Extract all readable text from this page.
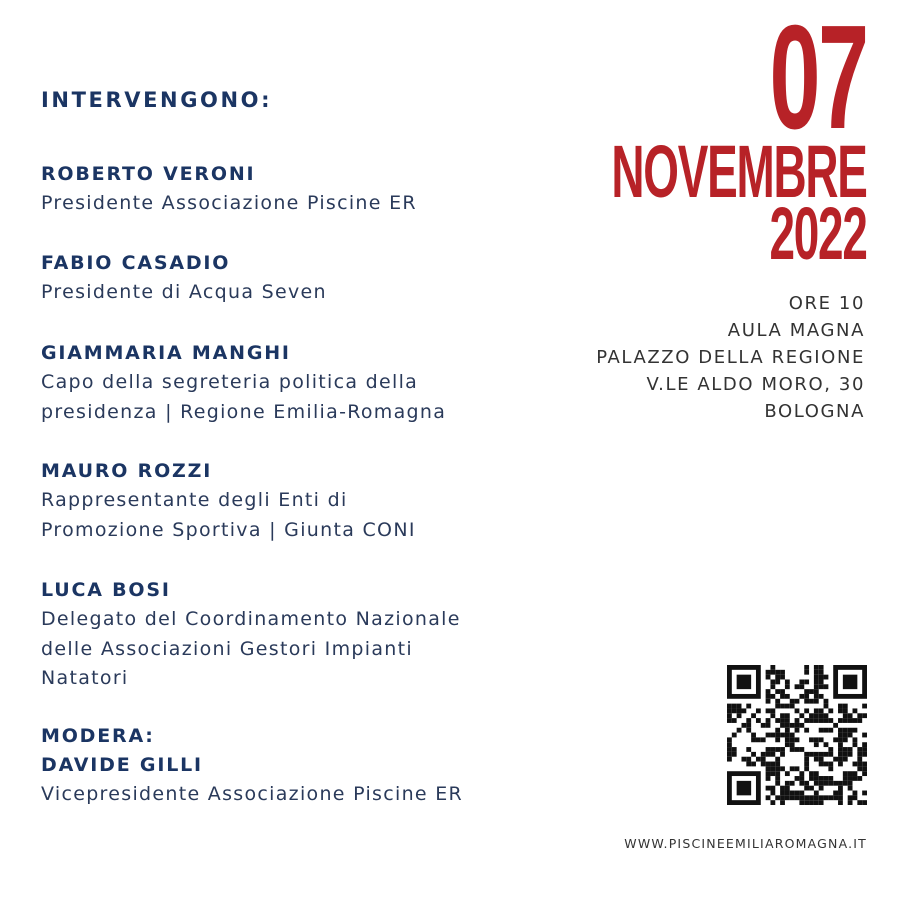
INTERVENGONO:
ROBERTO VERONI
Presidente Associazione Piscine ER
FABIO CASADIO
Presidente di Acqua Seven
GIAMMARIA MANGHI
Capo della segreteria politica della
presidenza | Regione Emilia-Romagna
MAURO ROZZI
Rappresentante degli Enti di
Promozione Sportiva | Giunta CONI
LUCA BOSI
Delegato del Coordinamento Nazionale
delle Associazioni Gestori Impianti
Natatori
MODERA:
DAVIDE GILLI
Vicepresidente Associazione Piscine ER
07
NOVEMBRE
2022
ORE 10
AULA MAGNA
PALAZZO DELLA REGIONE
V.LE ALDO MORO, 30
BOLOGNA
WWW.PISCINEEMILIAROMAGNA.IT
